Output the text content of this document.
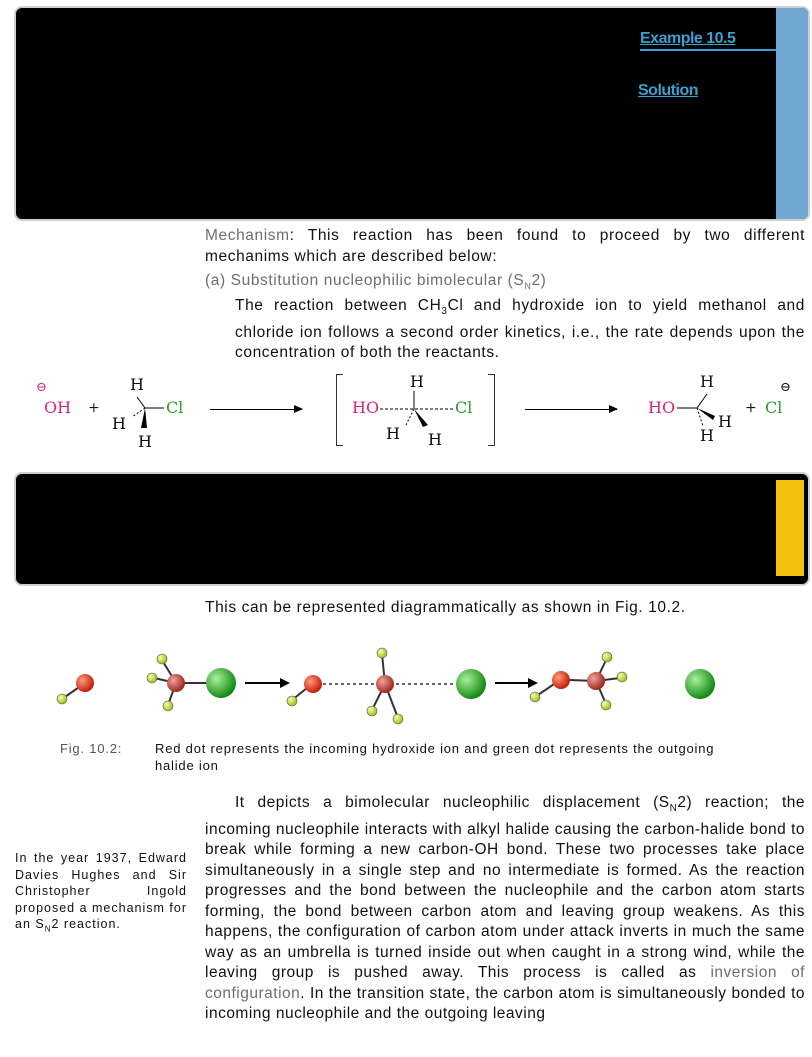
Example 10.5
Solution
Mechanism: This reaction has been found to proceed by two different mechanims which are described below:
(a) Substitution nucleophilic bimolecular $(S_N2)$
The reaction between $CH_3Cl$ and hydroxide ion to yield methanol and chloride ion follows a second order kinetics, i.e., the rate depends upon the concentration of both the reactants.
⊖
OH +
H
H
H
Cl	HO
H
H H
Cl	HO
H
H
H
+ Cl
⊖
This can be represented diagrammatically as shown in Fig. 10.2.
Fig. 10.2:	Red dot represents the incoming hydroxide ion and green dot represents the outgoing halide ion
In the year 1937, Edward Davies Hughes and Sir Christopher Ingold proposed a mechanism for an $S_N2$ reaction.
It depicts a bimolecular nucleophilic displacement $(S_N2)$ reaction; the incoming nucleophile interacts with alkyl halide causing the carbon-halide bond to break while forming a new carbon-OH bond. These two processes take place simultaneously in a single step and no intermediate is formed. As the reaction progresses and the bond between the nucleophile and the carbon atom starts forming, the bond between carbon atom and leaving group weakens. As this happens, the configuration of carbon atom under attack inverts in much the same way as an umbrella is turned inside out when caught in a strong wind, while the leaving group is pushed away. This process is called as inversion of configuration. In the transition state, the carbon atom is simultaneously bonded to incoming nucleophile and the outgoing leaving
